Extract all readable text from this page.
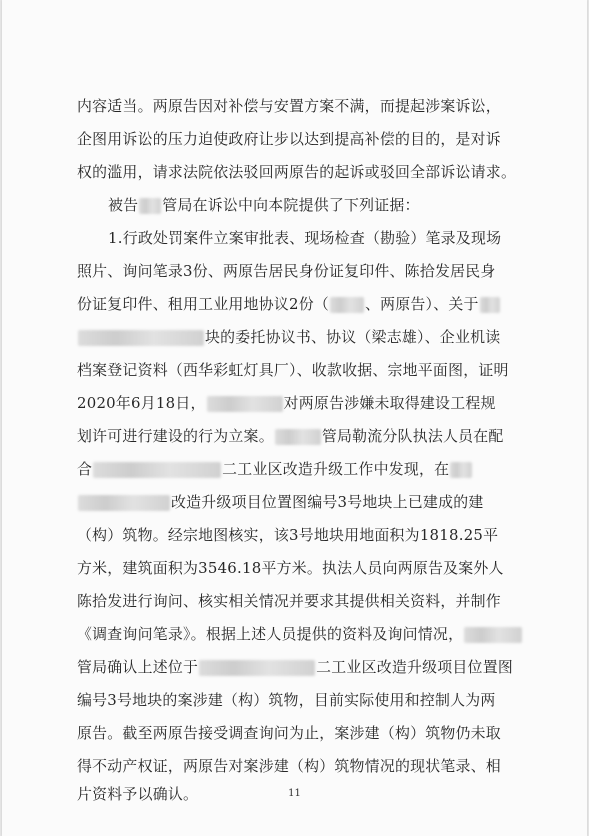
内容适当。两原告因对补偿与安置方案不满，而提起涉案诉讼，
企图用诉讼的压力迫使政府让步以达到提高补偿的目的，是对诉
权的滥用，请求法院依法驳回两原告的起诉或驳回全部诉讼请求。
被告 管局在诉讼中向本院提供了下列证据：
1.行政处罚案件立案审批表、现场检查（勘验）笔录及现场
照片、询问笔录3份、两原告居民身份证复印件、陈拾发居民身
份证复印件、租用工业用地协议2份（ 、两原告）、关于
块的委托协议书、协议（梁志雄）、企业机读
档案登记资料（西华彩虹灯具厂）、收款收据、宗地平面图，证明
2020年6月18日，	对两原告涉嫌未取得建设工程规
划许可进行建设的行为立案。	管局勒流分队执法人员在配
合	二工业区改造升级工作中发现，在
改造升级项目位置图编号3号地块上已建成的建
（构）筑物。经宗地图核实，该3号地块用地面积为1818.25平
方米，建筑面积为3546.18平方米。执法人员向两原告及案外人
陈拾发进行询问、核实相关情况并要求其提供相关资料，并制作
《调查询问笔录》。根据上述人员提供的资料及询问情况，
管局确认上述位于	二工业区改造升级项目位置图
编号3号地块的案涉建（构）筑物，目前实际使用和控制人为两
原告。截至两原告接受调查询问为止，案涉建（构）筑物仍未取
得不动产权证，两原告对案涉建（构）筑物情况的现状笔录、相
片资料予以确认。	11
